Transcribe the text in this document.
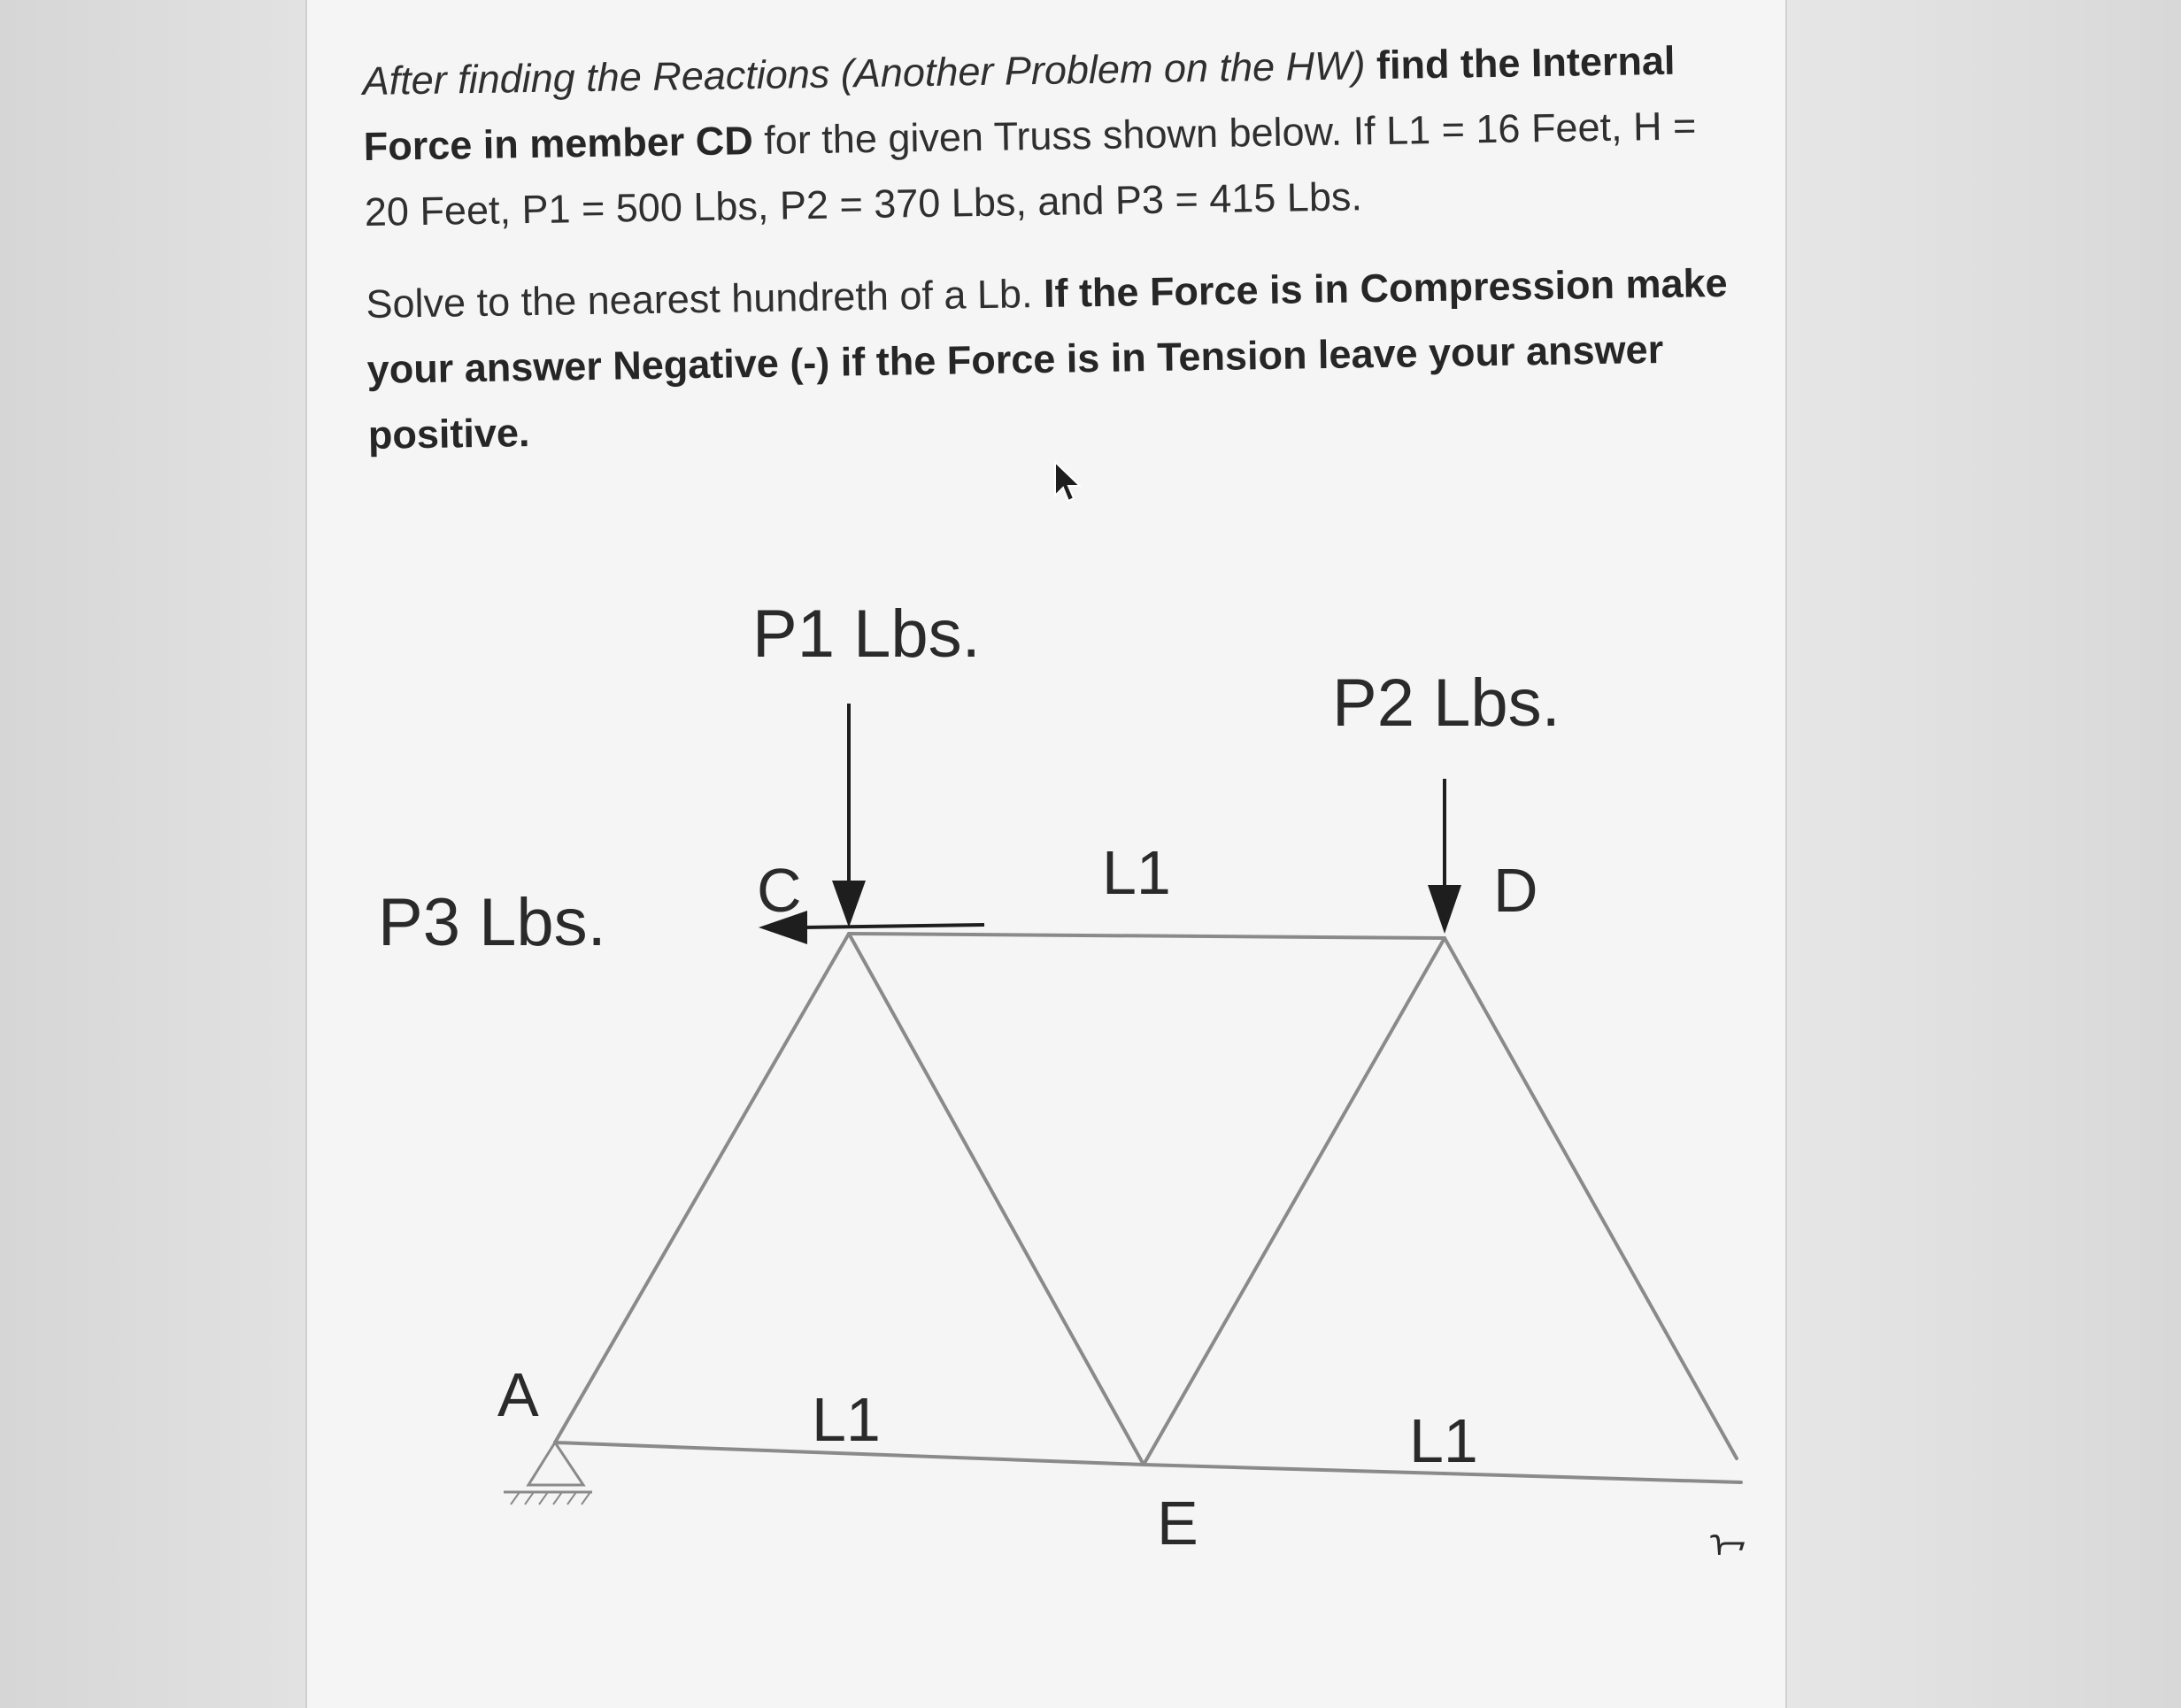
After finding the Reactions (Another Problem on the HW) find the Internal Force in member CD for the given Truss shown below. If L1 = 16 Feet, H = 20 Feet, P1 = 500 Lbs, P2 = 370 Lbs, and P3 = 415 Lbs.

Solve to the nearest hundreth of a Lb. If the Force is in Compression make your answer Negative (-) if the Force is in Tension leave your answer positive.

P1 Lbs.
P2 Lbs.
P3 Lbs. C	D
A
E
L1
L1	L1
ᢇ
